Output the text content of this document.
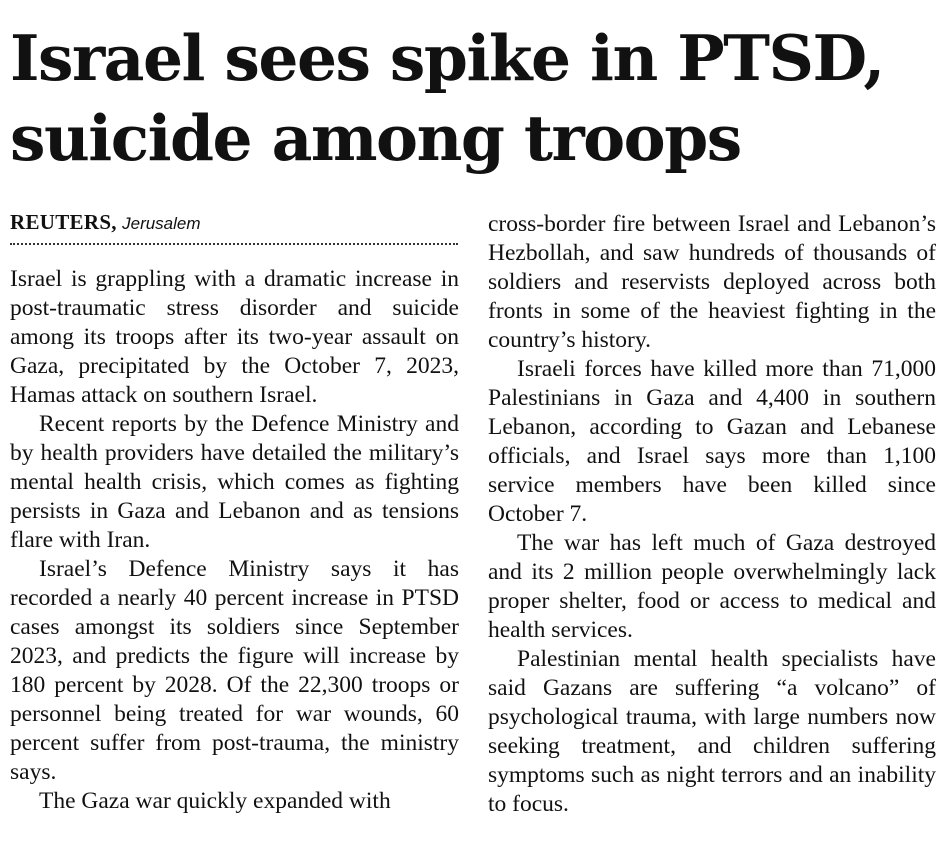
Israel sees spike in PTSD,
suicide among troops
REUTERS, Jerusalem

Israel is grappling with a dramatic increase in post-traumatic stress disorder and suicide among its troops after its two-year assault on Gaza, precipitated by the October 7, 2023, Hamas attack on southern Israel.

Recent reports by the Defence Ministry and by health providers have detailed the military’s mental health crisis, which comes as fighting persists in Gaza and Lebanon and as tensions flare with Iran.

Israel’s Defence Ministry says it has recorded a nearly 40 percent increase in PTSD cases amongst its soldiers since September 2023, and predicts the figure will increase by 180 percent by 2028. Of the 22,300 troops or personnel being treated for war wounds, 60 percent suffer from post-trauma, the ministry says.

The Gaza war quickly expanded with

cross-border fire between Israel and Lebanon’s Hezbollah, and saw hundreds of thousands of soldiers and reservists deployed across both fronts in some of the heaviest fighting in the country’s history.

Israeli forces have killed more than 71,000 Palestinians in Gaza and 4,400 in southern Lebanon, according to Gazan and Lebanese officials, and Israel says more than 1,100 service members have been killed since October 7.

The war has left much of Gaza destroyed and its 2 million people overwhelmingly lack proper shelter, food or access to medical and health services.

Palestinian mental health specialists have said Gazans are suffering “a volcano” of psychological trauma, with large numbers now seeking treatment, and children suffering symptoms such as night terrors and an inability to focus.
